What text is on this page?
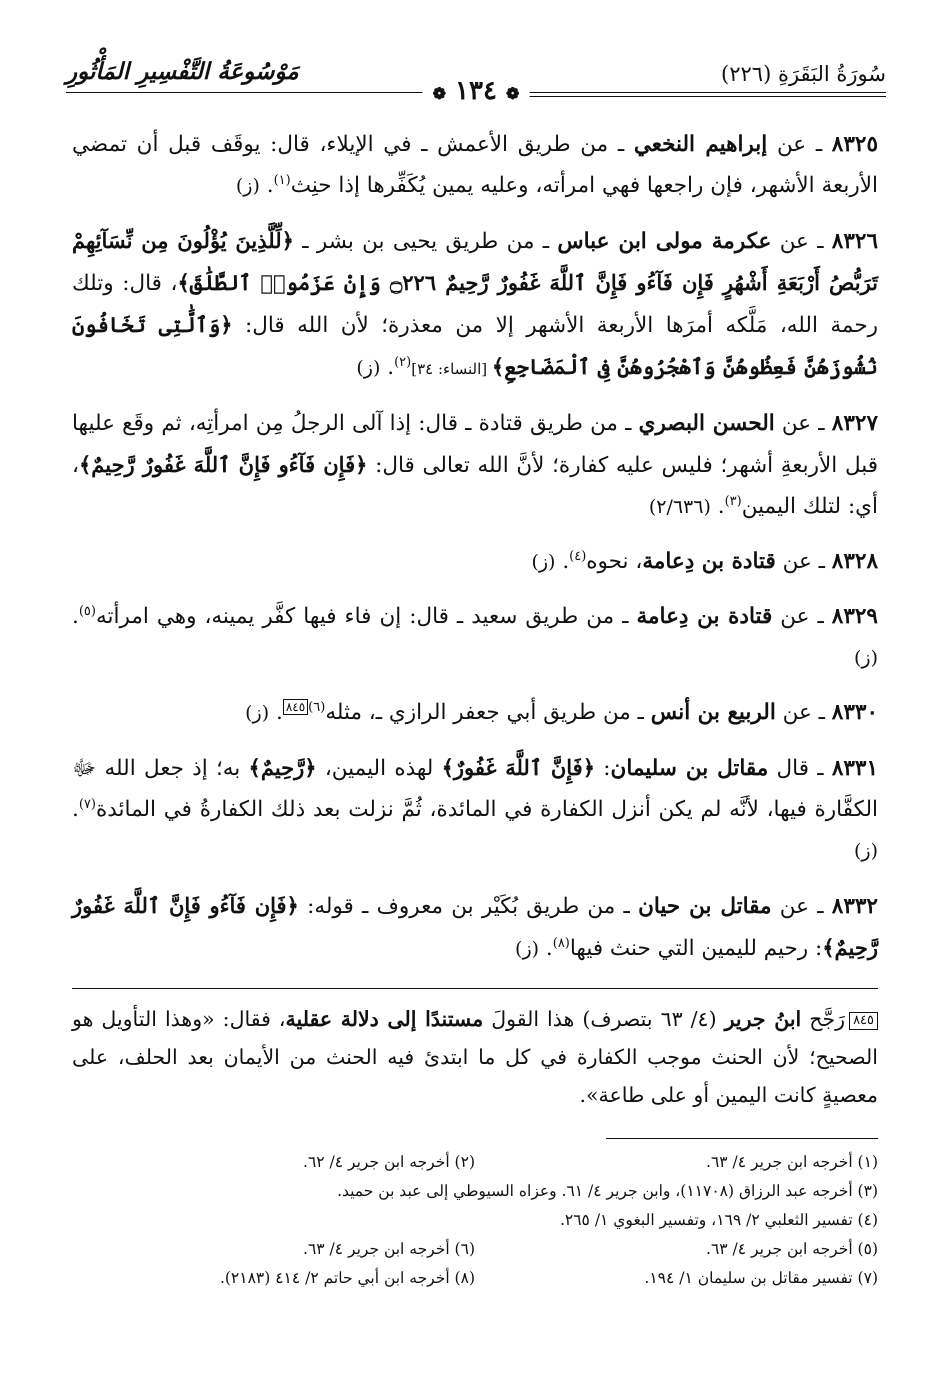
سُورَةُ البَقَرَةِ (٢٢٦)
مَوْسُوعَةُ التَّفْسِيرِ المَأْثُورِ
❁ ١٣٤ ❁

٨٣٢٥ ـ عن إبراهيم النخعي ـ من طريق الأعمش ـ في الإيلاء، قال: يوقَف قبل أن تمضي الأربعة الأشهر، فإن راجعها فهي امرأته، وعليه يمين يُكَفِّرها إذا حنِث$^{(١)}$. (ز)

٨٣٢٦ ـ عن عكرمة مولى ابن عباس ـ من طريق يحيى بن بشر ـ ﴿لِّلَّذِينَ يُؤْلُونَ مِن نِّسَآئِهِمْ تَرَبُّصُ أَرْبَعَةِ أَشْهُرٍ فَإِن فَآءُو فَإِنَّ ٱللَّهَ غَفُورٌ رَّحِيمٌ ۝٢٢٦ وَإِنْ عَزَمُوا۟ ٱلطَّلَٰقَ﴾، قال: وتلك رحمة الله، مَلَّكه أمرَها الأربعة الأشهر إلا من معذرة؛ لأن الله قال: ﴿وَٱلَّٰتِى تَخَافُونَ نُشُوزَهُنَّ فَعِظُوهُنَّ وَٱهْجُرُوهُنَّ فِى ٱلْمَضَاجِعِ﴾ [النساء: ٣٤]$^{(٢)}$. (ز)

٨٣٢٧ ـ عن الحسن البصري ـ من طريق قتادة ـ قال: إذا آلى الرجلُ مِن امرأتِه، ثم وقَع عليها قبل الأربعةِ أشهر؛ فليس عليه كفارة؛ لأنَّ الله تعالى قال: ﴿فَإِن فَآءُو فَإِنَّ ٱللَّهَ غَفُورٌ رَّحِيمٌ﴾، أي: لتلك اليمين$^{(٣)}$. (٢/٦٣٦)

٨٣٢٨ ـ عن قتادة بن دِعامة، نحوه$^{(٤)}$. (ز)

٨٣٢٩ ـ عن قتادة بن دِعامة ـ من طريق سعيد ـ قال: إن فاء فيها كفَّر يمينه، وهي امرأته$^{(٥)}$. (ز)

٨٣٣٠ ـ عن الربيع بن أنس ـ من طريق أبي جعفر الرازي ـ، مثله$^{(٦)}$٨٤٥. (ز)

٨٣٣١ ـ قال مقاتل بن سليمان: ﴿فَإِنَّ ٱللَّهَ غَفُورٌ﴾ لهذه اليمين، ﴿رَّحِيمٌ﴾ به؛ إذ جعل الله ﷻ الكفَّارة فيها، لأنَّه لم يكن أنزل الكفارة في المائدة، ثُمَّ نزلت بعد ذلك الكفارةُ في المائدة$^{(٧)}$. (ز)

٨٣٣٢ ـ عن مقاتل بن حيان ـ من طريق بُكَيْر بن معروف ـ قوله: ﴿فَإِن فَآءُو فَإِنَّ ٱللَّهَ غَفُورٌ رَّحِيمٌ﴾: رحيم لليمين التي حنث فيها$^{(٨)}$. (ز)

٨٤٥رَجَّح ابنُ جرير (٤/ ٦٣ بتصرف) هذا القولَ مستندًا إلى دلالة عقلية، فقال: «وهذا التأويل هو الصحيح؛ لأن الحنث موجب الكفارة في كل ما ابتدئ فيه الحنث من الأيمان بعد الحلف، على معصيةٍ كانت اليمين أو على طاعة».
(١) أخرجه ابن جرير ٤/ ٦٣.
(٢) أخرجه ابن جرير ٤/ ٦٢.
(٣) أخرجه عبد الرزاق (١١٧٠٨)، وابن جرير ٤/ ٦١. وعزاه السيوطي إلى عبد بن حميد.
(٤) تفسير الثعلبي ٢/ ١٦٩، وتفسير البغوي ١/ ٢٦٥.
(٥) أخرجه ابن جرير ٤/ ٦٣.
(٦) أخرجه ابن جرير ٤/ ٦٣.
(٧) تفسير مقاتل بن سليمان ١/ ١٩٤.
(٨) أخرجه ابن أبي حاتم ٢/ ٤١٤ (٢١٨٣).
